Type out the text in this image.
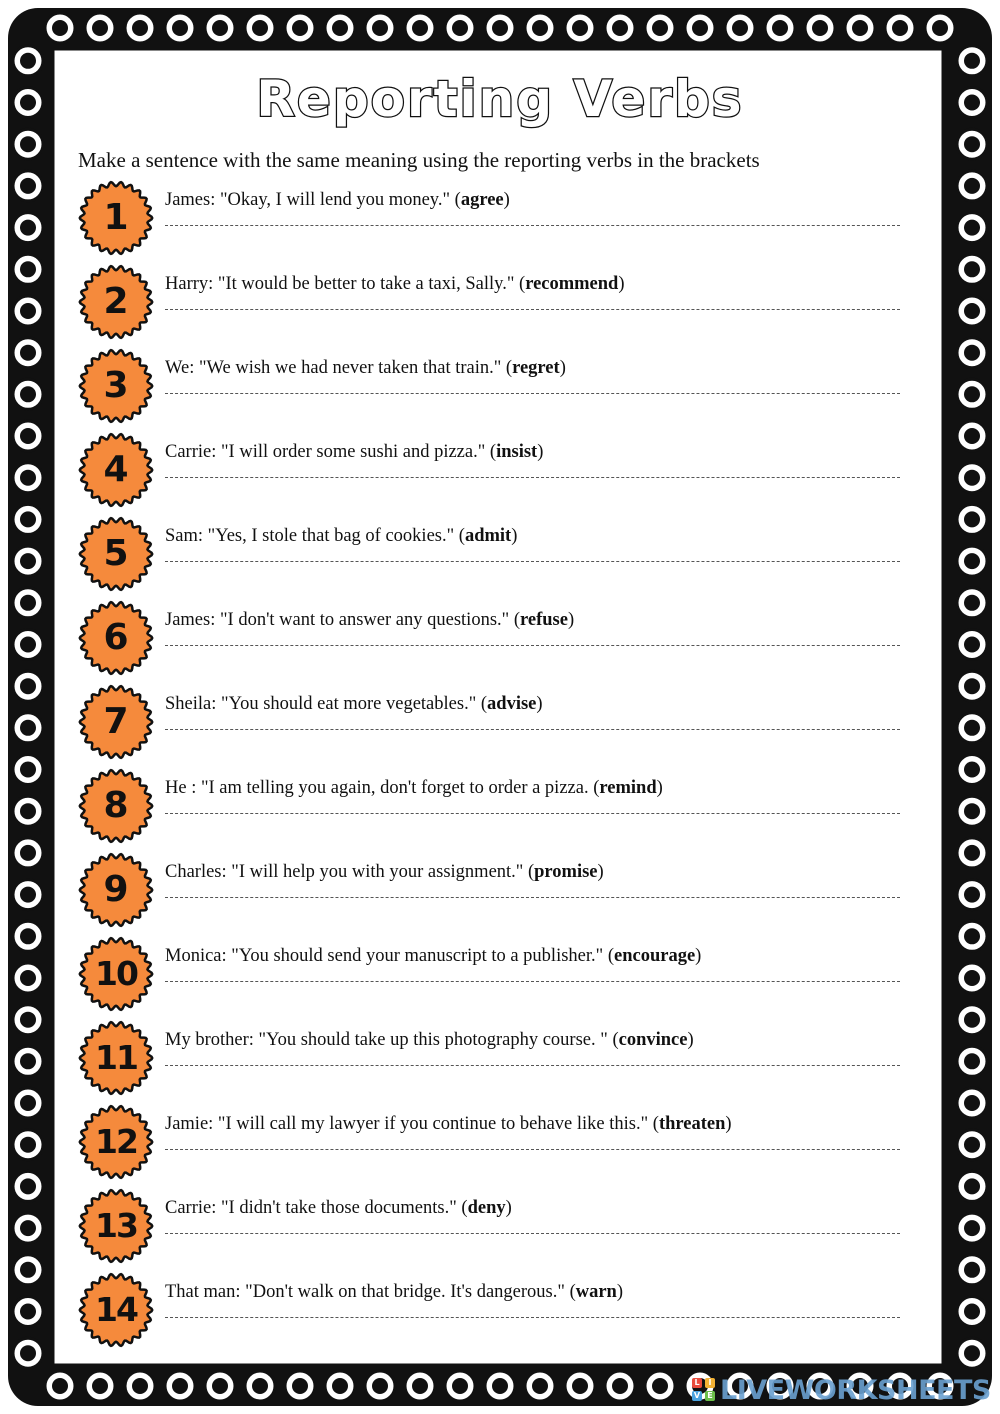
Reporting Verbs
Make a sentence with the same meaning using the reporting verbs in the brackets
1	James: "Okay, I will lend you money." (agree)
2	Harry: "It would be better to take a taxi, Sally." (recommend)
3	We: "We wish we had never taken that train." (regret)
4	Carrie: "I will order some sushi and pizza." (insist)
5	Sam: "Yes, I stole that bag of cookies." (admit)
6	James: "I don't want to answer any questions." (refuse)
7	Sheila: "You should eat more vegetables." (advise)
8	He : "I am telling you again, don't forget to order a pizza. (remind)
9	Charles: "I will help you with your assignment." (promise)
10	Monica: "You should send your manuscript to a publisher." (encourage)
11	My brother: "You should take up this photography course. " (convince)
12	Jamie: "I will call my lawyer if you continue to behave like this." (threaten)
13	Carrie: "I didn't take those documents." (deny)
14	That man: "Don't walk on that bridge. It's dangerous." (warn)
L	I
V E LIVEWORKSHEETS
